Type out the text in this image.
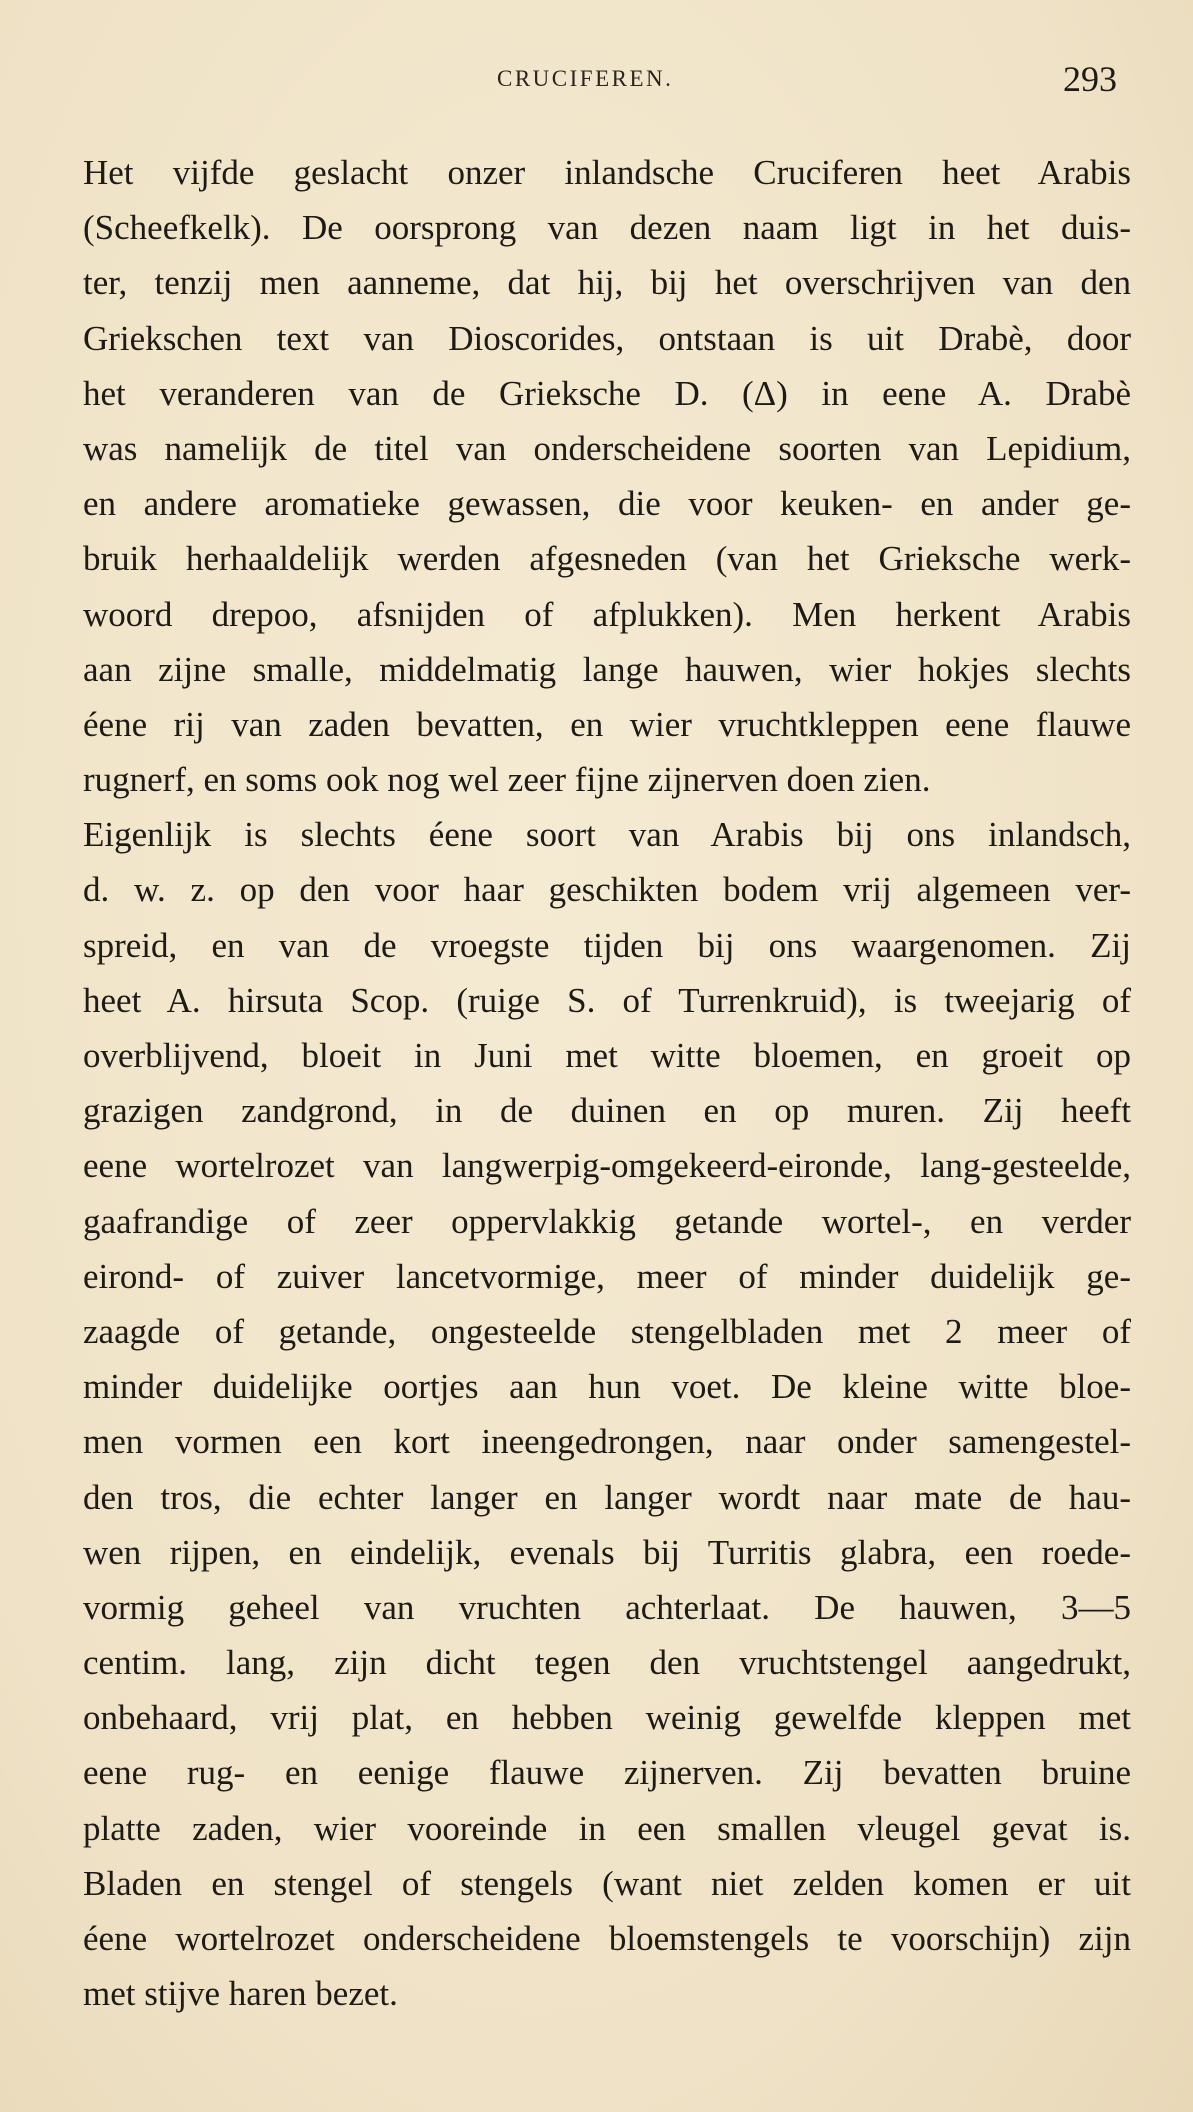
CRUCIFEREN.	293
Het vijfde geslacht onzer inlandsche Cruciferen heet Arabis
(Scheefkelk). De oorsprong van dezen naam ligt in het duis-
ter, tenzij men aanneme, dat hij, bij het overschrijven van den
Griekschen text van Dioscorides, ontstaan is uit Drabè, door
het veranderen van de Grieksche D. (Δ) in eene A. Drabè
was namelijk de titel van onderscheidene soorten van Lepidium,
en andere aromatieke gewassen, die voor keuken- en ander ge-
bruik herhaaldelijk werden afgesneden (van het Grieksche werk-
woord drepoo, afsnijden of afplukken). Men herkent Arabis
aan zijne smalle, middelmatig lange hauwen, wier hokjes slechts
éene rij van zaden bevatten, en wier vruchtkleppen eene flauwe
rugnerf, en soms ook nog wel zeer fijne zijnerven doen zien.
Eigenlijk is slechts éene soort van Arabis bij ons inlandsch,
d. w. z. op den voor haar geschikten bodem vrij algemeen ver-
spreid, en van de vroegste tijden bij ons waargenomen. Zij
heet A. hirsuta Scop. (ruige S. of Turrenkruid), is tweejarig of
overblijvend, bloeit in Juni met witte bloemen, en groeit op
grazigen zandgrond, in de duinen en op muren. Zij heeft
eene wortelrozet van langwerpig-omgekeerd-eironde, lang-gesteelde,
gaafrandige of zeer oppervlakkig getande wortel-, en verder
eirond- of zuiver lancetvormige, meer of minder duidelijk ge-
zaagde of getande, ongesteelde stengelbladen met 2 meer of
minder duidelijke oortjes aan hun voet. De kleine witte bloe-
men vormen een kort ineengedrongen, naar onder samengestel-
den tros, die echter langer en langer wordt naar mate de hau-
wen rijpen, en eindelijk, evenals bij Turritis glabra, een roede-
vormig geheel van vruchten achterlaat. De hauwen, 3—5
centim. lang, zijn dicht tegen den vruchtstengel aangedrukt,
onbehaard, vrij plat, en hebben weinig gewelfde kleppen met
eene rug- en eenige flauwe zijnerven. Zij bevatten bruine
platte zaden, wier vooreinde in een smallen vleugel gevat is.
Bladen en stengel of stengels (want niet zelden komen er uit
éene wortelrozet onderscheidene bloemstengels te voorschijn) zijn
met stijve haren bezet.
